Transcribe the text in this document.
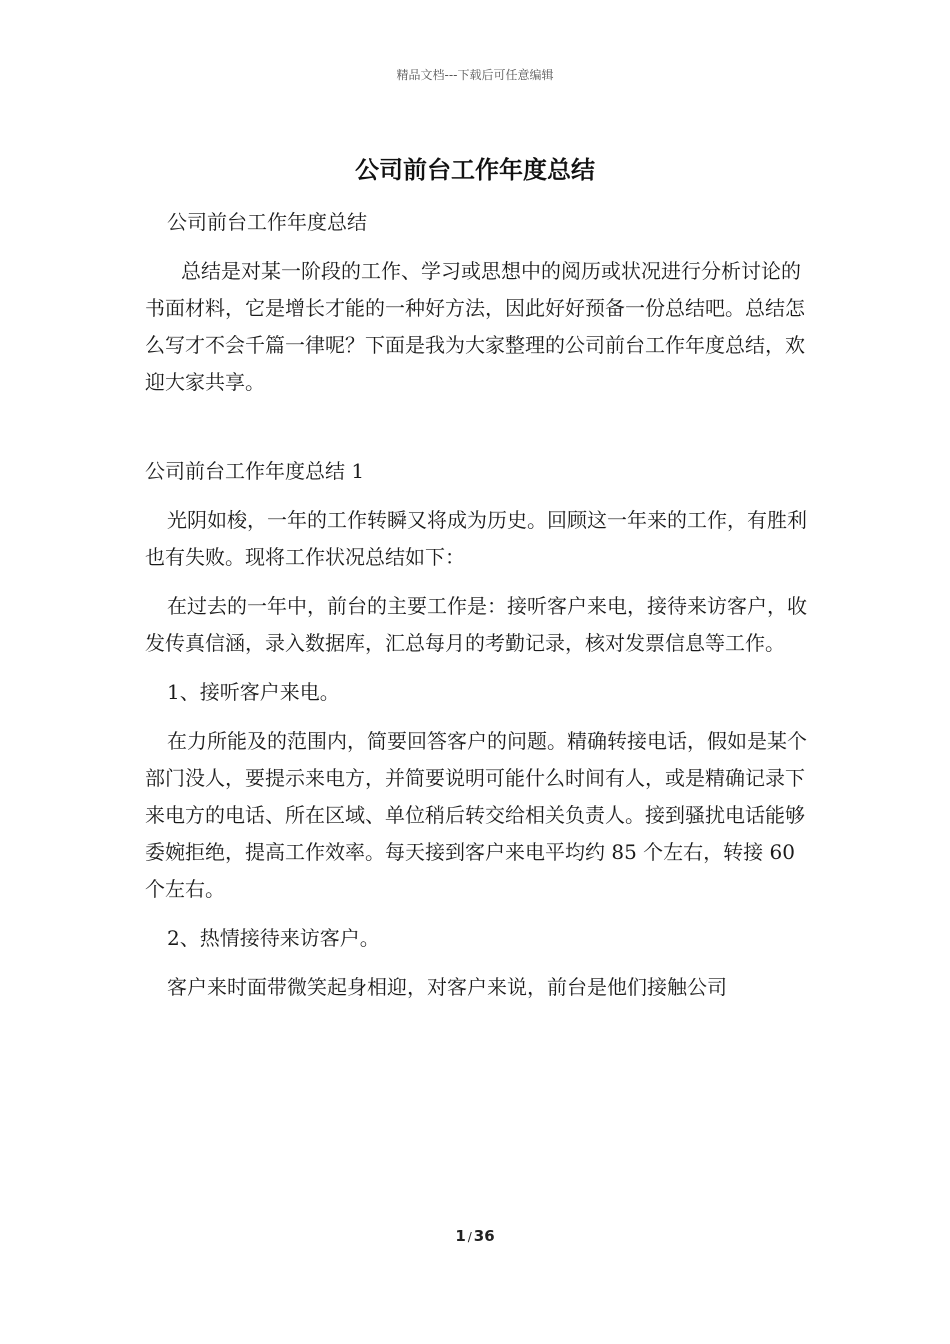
精品文档---下载后可任意编辑
公司前台工作年度总结

公司前台工作年度总结

总结是对某一阶段的工作、学习或思想中的阅历或状况进行分析讨论的书面材料，它是增长才能的一种好方法，因此好好预备一份总结吧。总结怎么写才不会千篇一律呢？下面是我为大家整理的公司前台工作年度总结，欢迎大家共享。

公司前台工作年度总结 1

光阴如梭，一年的工作转瞬又将成为历史。回顾这一年来的工作，有胜利也有失败。现将工作状况总结如下：

在过去的一年中，前台的主要工作是：接听客户来电，接待来访客户，收发传真信涵，录入数据库，汇总每月的考勤记录，核对发票信息等工作。

1、接听客户来电。

在力所能及的范围内，简要回答客户的问题。精确转接电话，假如是某个部门没人，要提示来电方，并简要说明可能什么时间有人，或是精确记录下来电方的电话、所在区域、单位稍后转交给相关负责人。接到骚扰电话能够委婉拒绝，提高工作效率。每天接到客户来电平均约 85 个左右，转接 60 个左右。

2、热情接待来访客户。

客户来时面带微笑起身相迎，对客户来说，前台是他们接触公司

1 / 36
